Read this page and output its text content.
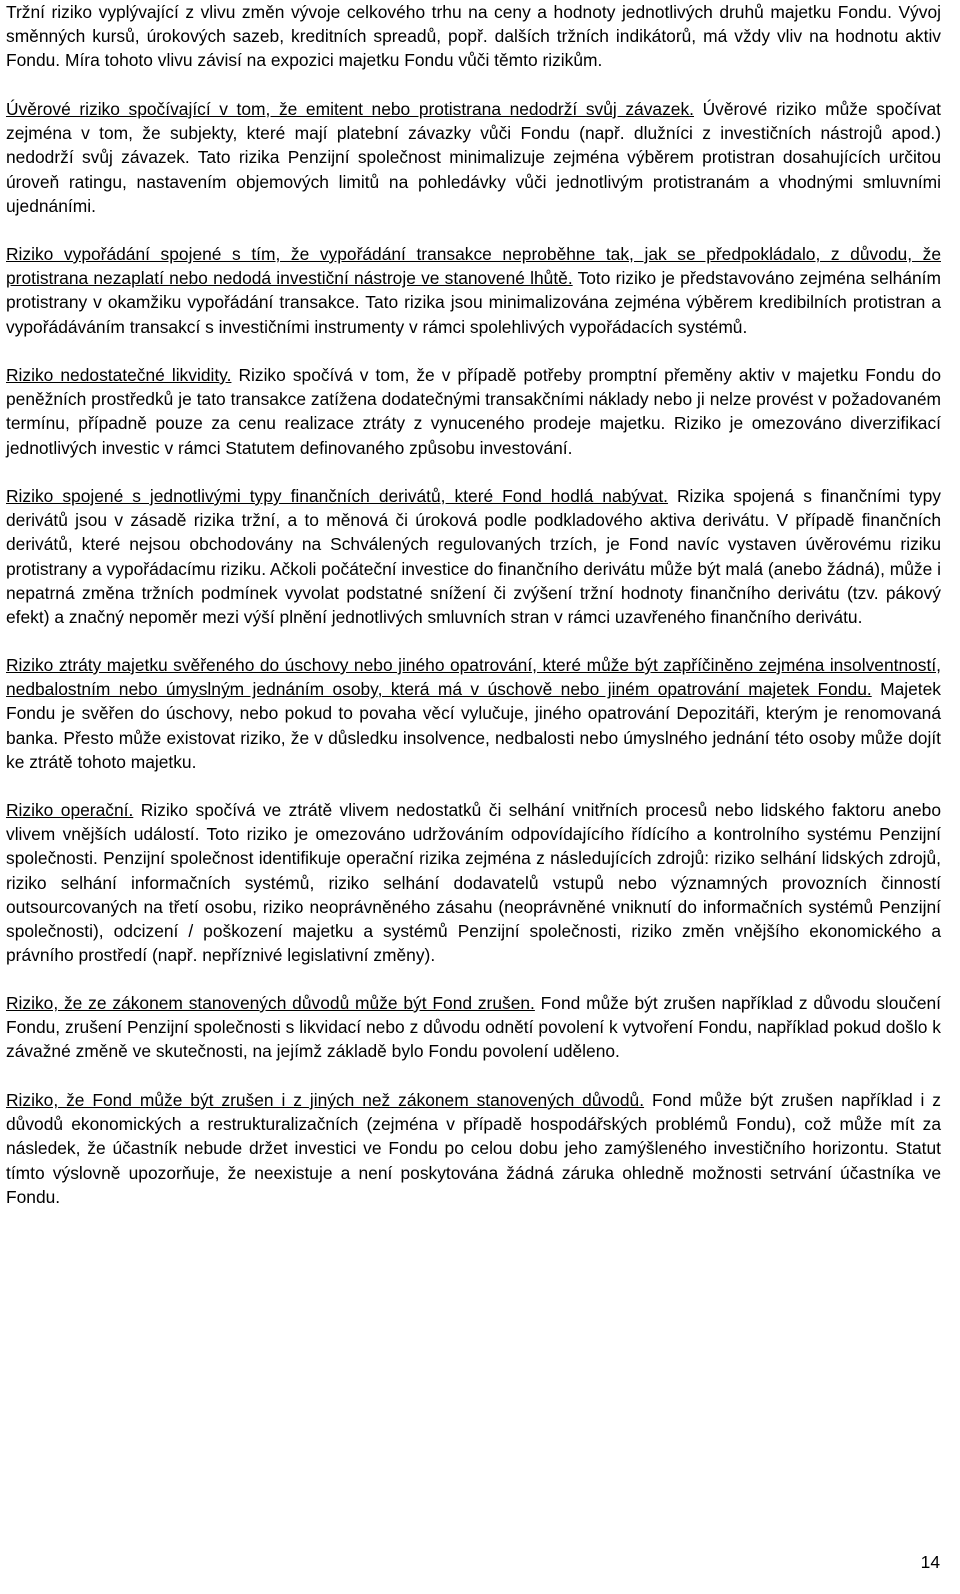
Tržní riziko vyplývající z vlivu změn vývoje celkového trhu na ceny a hodnoty jednotlivých druhů majetku Fondu. Vývoj směnných kursů, úrokových sazeb, kreditních spreadů, popř. dalších tržních indikátorů, má vždy vliv na hodnotu aktiv Fondu. Míra tohoto vlivu závisí na expozici majetku Fondu vůči těmto rizikům.

Úvěrové riziko spočívající v tom, že emitent nebo protistrana nedodrží svůj závazek. Úvěrové riziko může spočívat zejména v tom, že subjekty, které mají platební závazky vůči Fondu (např. dlužníci z investičních nástrojů apod.) nedodrží svůj závazek. Tato rizika Penzijní společnost minimalizuje zejména výběrem protistran dosahujících určitou úroveň ratingu, nastavením objemových limitů na pohledávky vůči jednotlivým protistranám a vhodnými smluvními ujednáními.

Riziko vypořádání spojené s tím, že vypořádání transakce neproběhne tak, jak se předpokládalo, z důvodu, že protistrana nezaplatí nebo nedodá investiční nástroje ve stanovené lhůtě. Toto riziko je představováno zejména selháním protistrany v okamžiku vypořádání transakce. Tato rizika jsou minimalizována zejména výběrem kredibilních protistran a vypořádáváním transakcí s investičními instrumenty v rámci spolehlivých vypořádacích systémů.

Riziko nedostatečné likvidity. Riziko spočívá v tom, že v případě potřeby promptní přeměny aktiv v majetku Fondu do peněžních prostředků je tato transakce zatížena dodatečnými transakčními náklady nebo ji nelze provést v požadovaném termínu, případně pouze za cenu realizace ztráty z vynuceného prodeje majetku. Riziko je omezováno diverzifikací jednotlivých investic v rámci Statutem definovaného způsobu investování.

Riziko spojené s jednotlivými typy finančních derivátů, které Fond hodlá nabývat. Rizika spojená s finančními typy derivátů jsou v zásadě rizika tržní, a to měnová či úroková podle podkladového aktiva derivátu. V případě finančních derivátů, které nejsou obchodovány na Schválených regulovaných trzích, je Fond navíc vystaven úvěrovému riziku protistrany a vypořádacímu riziku. Ačkoli počáteční investice do finančního derivátu může být malá (anebo žádná), může i nepatrná změna tržních podmínek vyvolat podstatné snížení či zvýšení tržní hodnoty finančního derivátu (tzv. pákový efekt) a značný nepoměr mezi výší plnění jednotlivých smluvních stran v rámci uzavřeného finančního derivátu.

Riziko ztráty majetku svěřeného do úschovy nebo jiného opatrování, které může být zapříčiněno zejména insolventností, nedbalostním nebo úmyslným jednáním osoby, která má v úschově nebo jiném opatrování majetek Fondu. Majetek Fondu je svěřen do úschovy, nebo pokud to povaha věcí vylučuje, jiného opatrování Depozitáři, kterým je renomovaná banka. Přesto může existovat riziko, že v důsledku insolvence, nedbalosti nebo úmyslného jednání této osoby může dojít ke ztrátě tohoto majetku.

Riziko operační. Riziko spočívá ve ztrátě vlivem nedostatků či selhání vnitřních procesů nebo lidského faktoru anebo vlivem vnějších událostí. Toto riziko je omezováno udržováním odpovídajícího řídícího a kontrolního systému Penzijní společnosti. Penzijní společnost identifikuje operační rizika zejména z následujících zdrojů: riziko selhání lidských zdrojů, riziko selhání informačních systémů, riziko selhání dodavatelů vstupů nebo významných provozních činností outsourcovaných na třetí osobu, riziko neoprávněného zásahu (neoprávněné vniknutí do informačních systémů Penzijní společnosti), odcizení / poškození majetku a systémů Penzijní společnosti, riziko změn vnějšího ekonomického a právního prostředí (např. nepříznivé legislativní změny).

Riziko, že ze zákonem stanovených důvodů může být Fond zrušen. Fond může být zrušen například z důvodu sloučení Fondu, zrušení Penzijní společnosti s likvidací nebo z důvodu odnětí povolení k vytvoření Fondu, například pokud došlo k závažné změně ve skutečnosti, na jejímž základě bylo Fondu povolení uděleno.

Riziko, že Fond může být zrušen i z jiných než zákonem stanovených důvodů. Fond může být zrušen například i z důvodů ekonomických a restrukturalizačních (zejména v případě hospodářských problémů Fondu), což může mít za následek, že účastník nebude držet investici ve Fondu po celou dobu jeho zamýšleného investičního horizontu. Statut tímto výslovně upozorňuje, že neexistuje a není poskytována žádná záruka ohledně možnosti setrvání účastníka ve Fondu.

14
